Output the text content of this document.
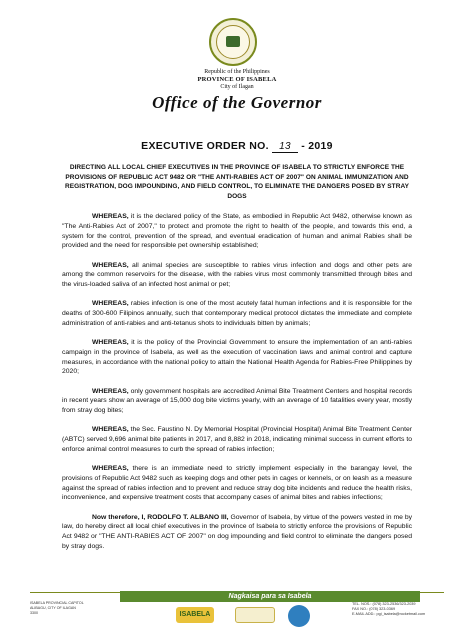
Republic of the Philippines
PROVINCE OF ISABELA
City of Ilagan
Office of the Governor
EXECUTIVE ORDER NO. 13 - 2019
DIRECTING ALL LOCAL CHIEF EXECUTIVES IN THE PROVINCE OF ISABELA TO STRICTLY ENFORCE THE PROVISIONS OF REPUBLIC ACT 9482 OR "THE ANTI-RABIES ACT OF 2007" ON ANIMAL IMMUNIZATION AND REGISTRATION, DOG IMPOUNDING, AND FIELD CONTROL, TO ELIMINATE THE DANGERS POSED BY STRAY DOGS

WHEREAS, it is the declared policy of the State, as embodied in Republic Act 9482, otherwise known as "The Anti-Rabies Act of 2007," to protect and promote the right to health of the people, and towards this end, a system for the control, prevention of the spread, and eventual eradication of human and animal Rabies shall be provided and the need for responsible pet ownership established;

WHEREAS, all animal species are susceptible to rabies virus infection and dogs and other pets are among the common reservoirs for the disease, with the rabies virus most commonly transmitted through bites and the virus-loaded saliva of an infected host animal or pet;

WHEREAS, rabies infection is one of the most acutely fatal human infections and it is responsible for the deaths of 300-600 Filipinos annually, such that contemporary medical protocol dictates the immediate and complete administration of anti-rabies and anti-tetanus shots to individuals bitten by animals;

WHEREAS, it is the policy of the Provincial Government to ensure the implementation of an anti-rabies campaign in the province of Isabela, as well as the execution of vaccination laws and animal control and capture measures, in accordance with the national policy to attain the National Health Agenda for Rabies-Free Philippines by 2020;

WHEREAS, only government hospitals are accredited Animal Bite Treatment Centers and hospital records in recent years show an average of 15,000 dog bite victims yearly, with an average of 10 fatalities every year, mostly from stray dog bites;

WHEREAS, the Sec. Faustino N. Dy Memorial Hospital (Provincial Hospital) Animal Bite Treatment Center (ABTC) served 9,696 animal bite patients in 2017, and 8,882 in 2018, indicating minimal success in current efforts to enforce animal control measures to curb the spread of rabies infection;

WHEREAS, there is an immediate need to strictly implement especially in the barangay level, the provisions of Republic Act 9482 such as keeping dogs and other pets in cages or kennels, or on leash as a measure against the spread of rabies infection and to prevent and reduce stray dog bite incidents and reduce the health risks, inconvenience, and expensive treatment costs that accompany cases of animal bites and rabies infections;

Now therefore, I, RODOLFO T. ALBANO III, Governor of Isabela, by virtue of the powers vested in me by law, do hereby direct all local chief executives in the province of Isabela to strictly enforce the provisions of Republic Act 9482 or "THE ANTI-RABIES ACT OF 2007" on dog impounding and field control to eliminate the dangers posed by stray dogs.

Nagkaisa para sa Isabela
ISABELA PROVINCIAL CAPITOL
ALIBAGU, CITY OF ILAGAN
3300	ISABELA
TEL. NOS.: (078) 323-2536/323-2039
FAX NO.: (078) 323-0369
E-MAIL ADD.: pgi_isabela@rocketmail.com
